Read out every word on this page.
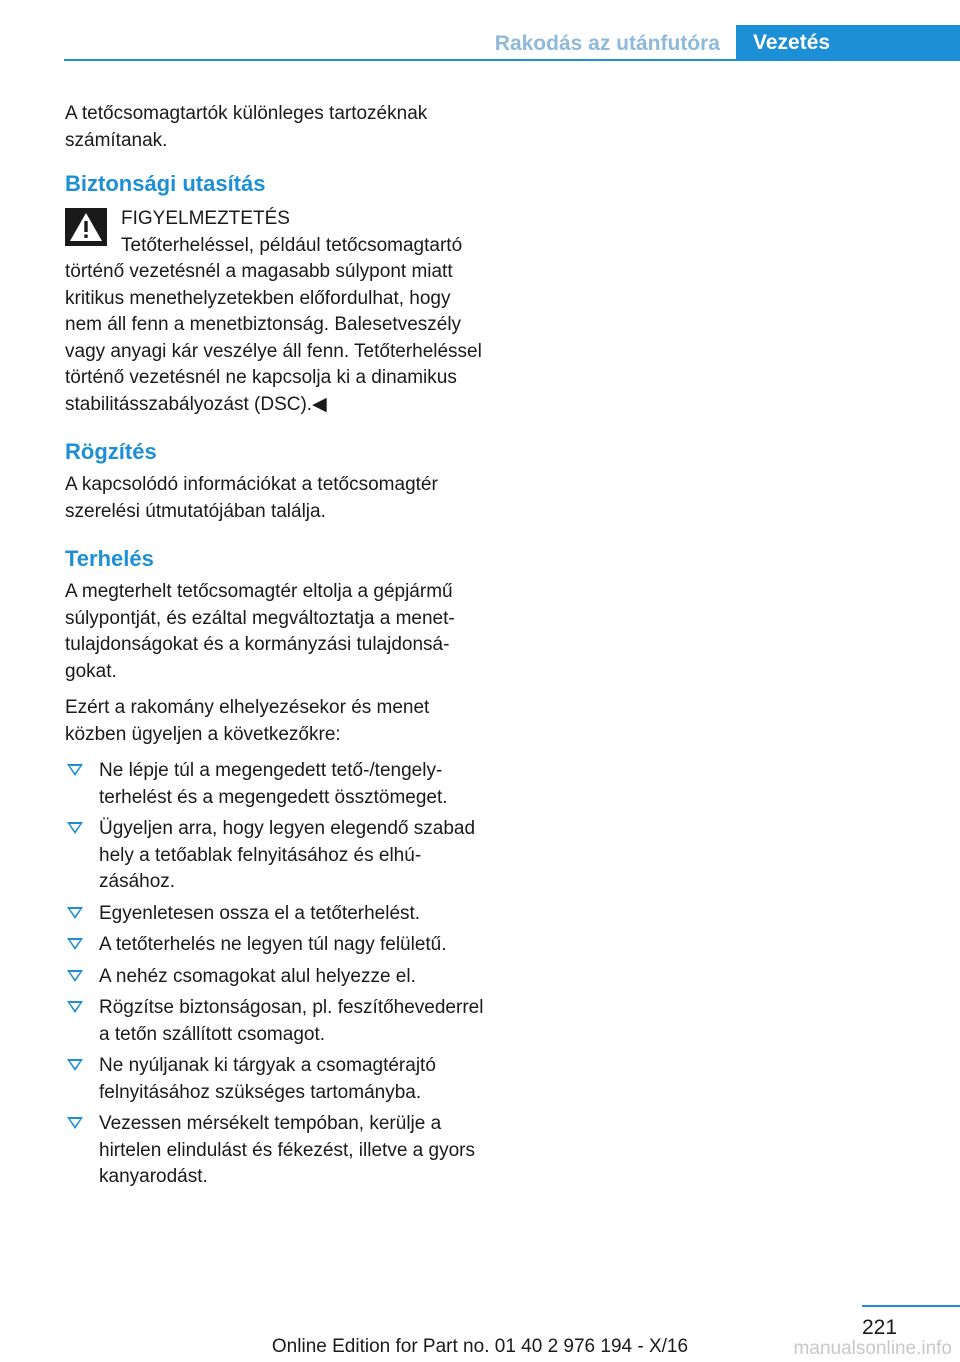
Rakodás az utánfutóra	Vezetés

A tetőcsomagtartók különleges tartozéknak számítanak.

Biztonsági utasítás
FIGYELMEZTETÉS
Tetőterheléssel, például tetőcsomagtartó történő vezetésnél a magasabb súlypont miatt kritikus menethelyzetekben előfordulhat, hogy nem áll fenn a menetbiztonság. Balesetveszély vagy anyagi kár veszélye áll fenn. Tetőterheléssel történő vezetésnél ne kapcsolja ki a dinamikus stabilitásszabályozást (DSC).◀
Rögzítés

A kapcsolódó információkat a tetőcsomagtér szerelési útmutatójában találja.

Terhelés

A megterhelt tetőcsomagtér eltolja a gépjármű súlypontját, és ezáltal megváltoztatja a menettulajdonságokat és a kormányzási tulajdonságokat.

Ezért a rakomány elhelyezésekor és menet közben ügyeljen a következőkre:

Ne lépje túl a megengedett tető-/tengelyterhelést és a megengedett össztömeget.
Ügyeljen arra, hogy legyen elegendő szabad hely a tetőablak felnyitásához és elhúzásához.
Egyenletesen ossza el a tetőterhelést.
A tetőterhelés ne legyen túl nagy felületű.
A nehéz csomagokat alul helyezze el.
Rögzítse biztonságosan, pl. feszítőhevederrel a tetőn szállított csomagot.
Ne nyúljanak ki tárgyak a csomagtérajtó felnyitásához szükséges tartományba.
Vezessen mérsékelt tempóban, kerülje a hirtelen elindulást és fékezést, illetve a gyors kanyarodást.
221
Online Edition for Part no. 01 40 2 976 194 - X/16	manualsonline.info
